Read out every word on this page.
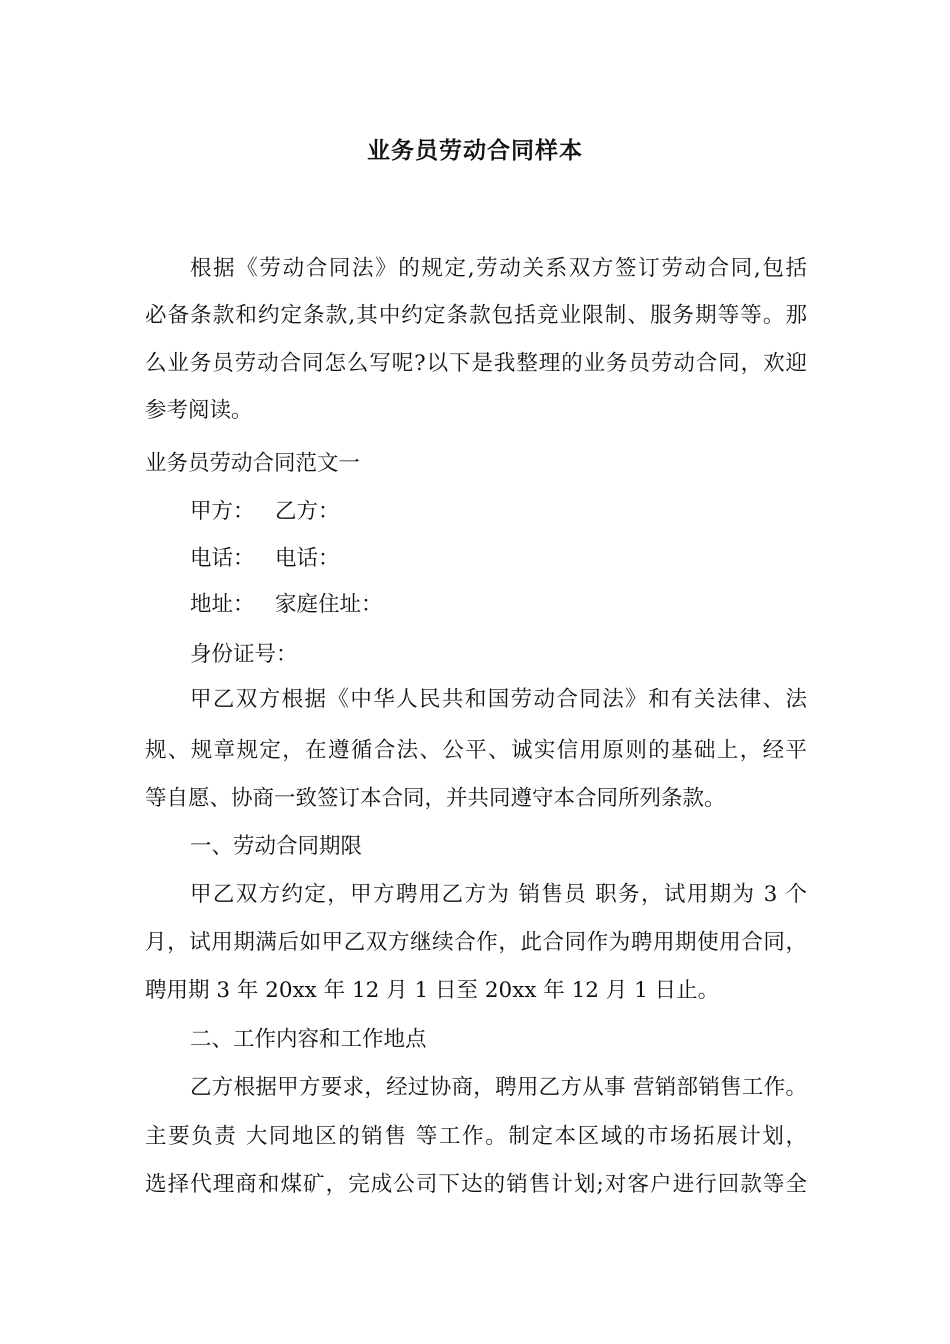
业务员劳动合同样本
根据《劳动合同法》的规定,劳动关系双方签订劳动合同,包括
必备条款和约定条款,其中约定条款包括竞业限制、服务期等等。那
么业务员劳动合同怎么写呢?以下是我整理的业务员劳动合同，欢迎
参考阅读。
业务员劳动合同范文一
甲方：   乙方：
电话：   电话：
地址：   家庭住址：
身份证号：
甲乙双方根据《中华人民共和国劳动合同法》和有关法律、法
规、规章规定，在遵循合法、公平、诚实信用原则的基础上，经平
等自愿、协商一致签订本合同，并共同遵守本合同所列条款。
一、劳动合同期限
甲乙双方约定，甲方聘用乙方为 销售员 职务，试用期为 3 个
月，试用期满后如甲乙双方继续合作，此合同作为聘用期使用合同，
聘用期 3 年 20xx 年 12 月 1 日至 20xx 年 12 月 1 日止。
二、工作内容和工作地点
乙方根据甲方要求，经过协商，聘用乙方从事 营销部销售工作。
主要负责 大同地区的销售 等工作。制定本区域的市场拓展计划，
选择代理商和煤矿，完成公司下达的销售计划;对客户进行回款等全
